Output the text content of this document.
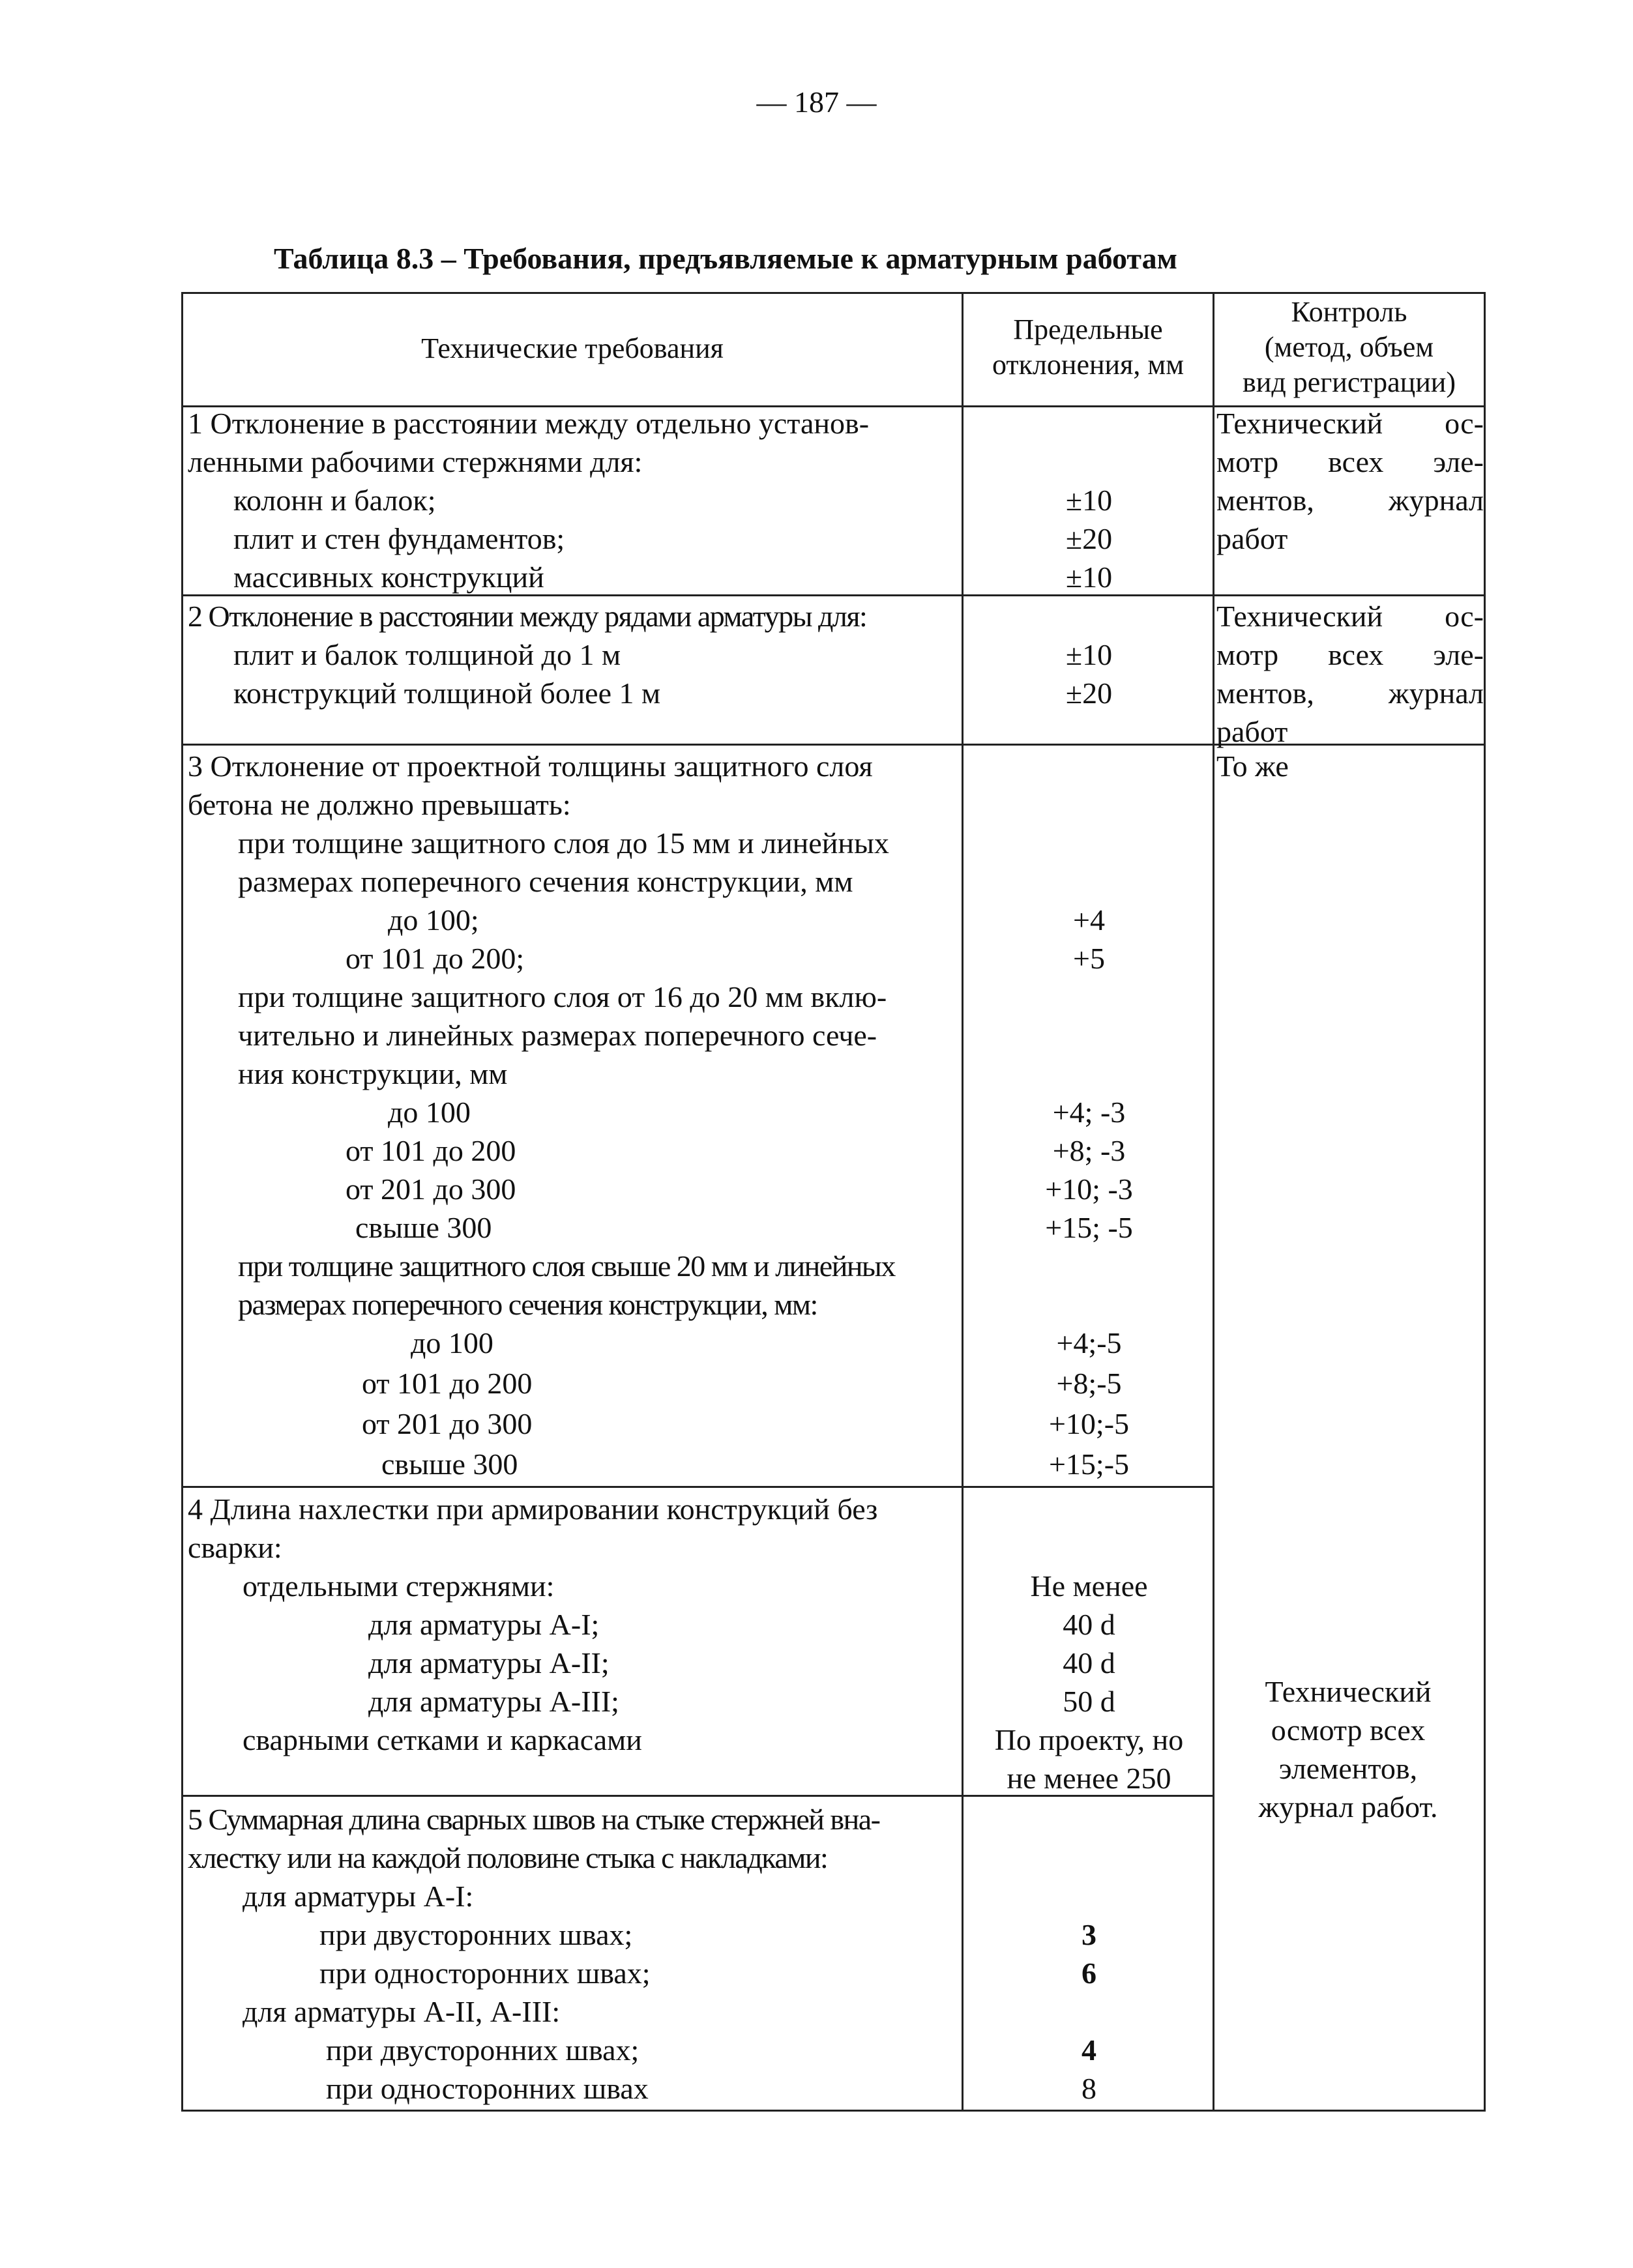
— 187 —
Таблица 8.3 – Требования, предъявляемые к арматурным работам
Технические требования
Предельные
отклонения, мм
Контроль
(метод, объем
вид регистрации)
1 Отклонение в расстоянии между отдельно установ-
ленными рабочими стержнями для:
колонн и балок;
плит и стен фундаментов;
массивных конструкций
±10
±20
±10
Технический ос-
мотр всех эле-
ментов, журнал
работ
2 Отклонение в расстоянии между рядами арматуры для:
плит и балок толщиной до 1 м
конструкций толщиной более 1 м
±10
±20
Технический ос-
мотр всех эле-
ментов, журнал
работ
3 Отклонение от проектной толщины защитного слоя
бетона не должно превышать:
при толщине защитного слоя до 15 мм и линейных
размерах поперечного сечения конструкции, мм
до 100;
от 101 до 200;
при толщине защитного слоя от 16 до 20 мм вклю-
чительно и линейных размерах поперечного сече-
ния конструкции, мм
до 100
от 101 до 200
от 201 до 300
свыше 300
при толщине защитного слоя свыше 20 мм и линейных
размерах поперечного сечения конструкции, мм:
до 100
от 101 до 200
от 201 до 300
свыше 300
+4
+5
+4; -3
+8; -3
+10; -3
+15; -5
+4;-5
+8;-5
+10;-5
+15;-5
То же
4 Длина нахлестки при армировании конструкций без
сварки:
отдельными стержнями:
для арматуры А-I;
для арматуры А-II;
для арматуры А-III;
сварными сетками и каркасами
Не менее
40 d
40 d
50 d
По проекту, но
не менее 250
5 Суммарная длина сварных швов на стыке стержней вна-
хлестку или на каждой половине стыка с накладками:
для арматуры А-I:
при двусторонних швах;
при односторонних швах;
для арматуры А-II, А-III:
при двусторонних швах;
при односторонних швах
3
6
4
8
Технический
осмотр всех
элементов,
журнал работ.
